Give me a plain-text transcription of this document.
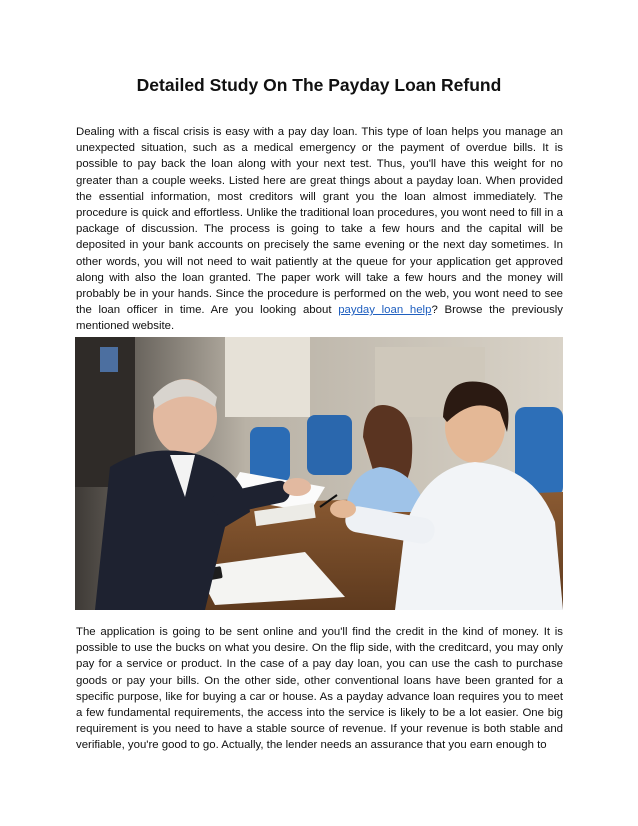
Detailed Study On The Payday Loan Refund

Dealing with a fiscal crisis is easy with a pay day loan. This type of loan helps you manage an unexpected situation, such as a medical emergency or the payment of overdue bills. It is possible to pay back the loan along with your next test. Thus, you'll have this weight for no greater than a couple weeks. Listed here are great things about a payday loan. When provided the essential information, most creditors will grant you the loan almost immediately. The procedure is quick and effortless. Unlike the traditional loan procedures, you wont need to fill in a package of discussion. The process is going to take a few hours and the capital will be deposited in your bank accounts on precisely the same evening or the next day sometimes. In other words, you will not need to wait patiently at the queue for your application get approved along with also the loan granted. The paper work will take a few hours and the money will probably be in your hands. Since the procedure is performed on the web, you wont need to see the loan officer in time. Are you looking about payday loan help? Browse the previously mentioned website.

The application is going to be sent online and you'll find the credit in the kind of money. It is possible to use the bucks on what you desire. On the flip side, with the creditcard, you may only pay for a service or product. In the case of a pay day loan, you can use the cash to purchase goods or pay your bills. On the other side, other conventional loans have been granted for a specific purpose, like for buying a car or house. As a payday advance loan requires you to meet a few fundamental requirements, the access into the service is likely to be a lot easier. One big requirement is you need to have a stable source of revenue. If your revenue is both stable and verifiable, you're good to go. Actually, the lender needs an assurance that you earn enough to
